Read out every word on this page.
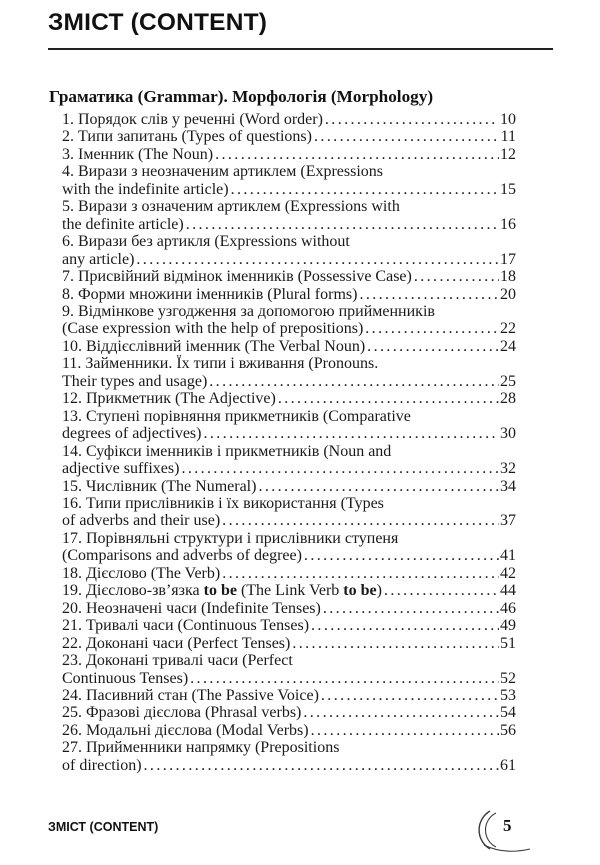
ЗМІСТ (CONTENT)
Граматика (Grammar). Морфологія (Morphology)
1. Порядок слів у реченні (Word order) .....	10
2. Типи запитань (Types of questions) .....	11
3. Іменник (The Noun) .....	12
4. Вирази з неозначеним артиклем (Expressions
with the indefinite article) .....	15
5. Вирази з означеним артиклем (Expressions with
the definite article) .....	16
6. Вирази без артикля (Expressions without
any article) .....	17
7. Присвійний відмінок іменників (Possessive Case) .....	18
8. Форми множини іменників (Plural forms) .....	20
9. Відмінкове узгодження за допомогою прийменників
(Case expression with the help of prepositions) .....	22
10. Віддієслівний іменник (The Verbal Noun) .....	24
11. Займенники. Їх типи і вживання (Pronouns.
Their types and usage) .....	25
12. Прикметник (The Adjective) .....	28
13. Ступені порівняння прикметників (Comparative
degrees of adjectives) .....	30
14. Суфікси іменників і прикметників (Noun and
adjective suffixes) .....	32
15. Числівник (The Numeral) .....	34
16. Типи прислівників і їх використання (Types
of adverbs and their use) .....	37
17. Порівняльні структури і прислівники ступеня
(Comparisons and adverbs of degree) .....	41
18. Дієслово (The Verb) .....	42
19. Дієслово-зв’язка to be (The Link Verb to be) .....	44
20. Неозначені часи (Indefinite Tenses) .....	46
21. Тривалі часи (Continuous Tenses) .....	49
22. Доконані часи (Perfect Tenses) .....	51
23. Доконані тривалі часи (Perfect
Continuous Tenses) .....	52
24. Пасивний стан (The Passive Voice) .....	53
25. Фразові дієслова (Phrasal verbs) .....	54
26. Модальні дієслова (Modal Verbs) .....	56
27. Прийменники напрямку (Prepositions
of direction) .....	61
ЗМІСТ (CONTENT)	5
